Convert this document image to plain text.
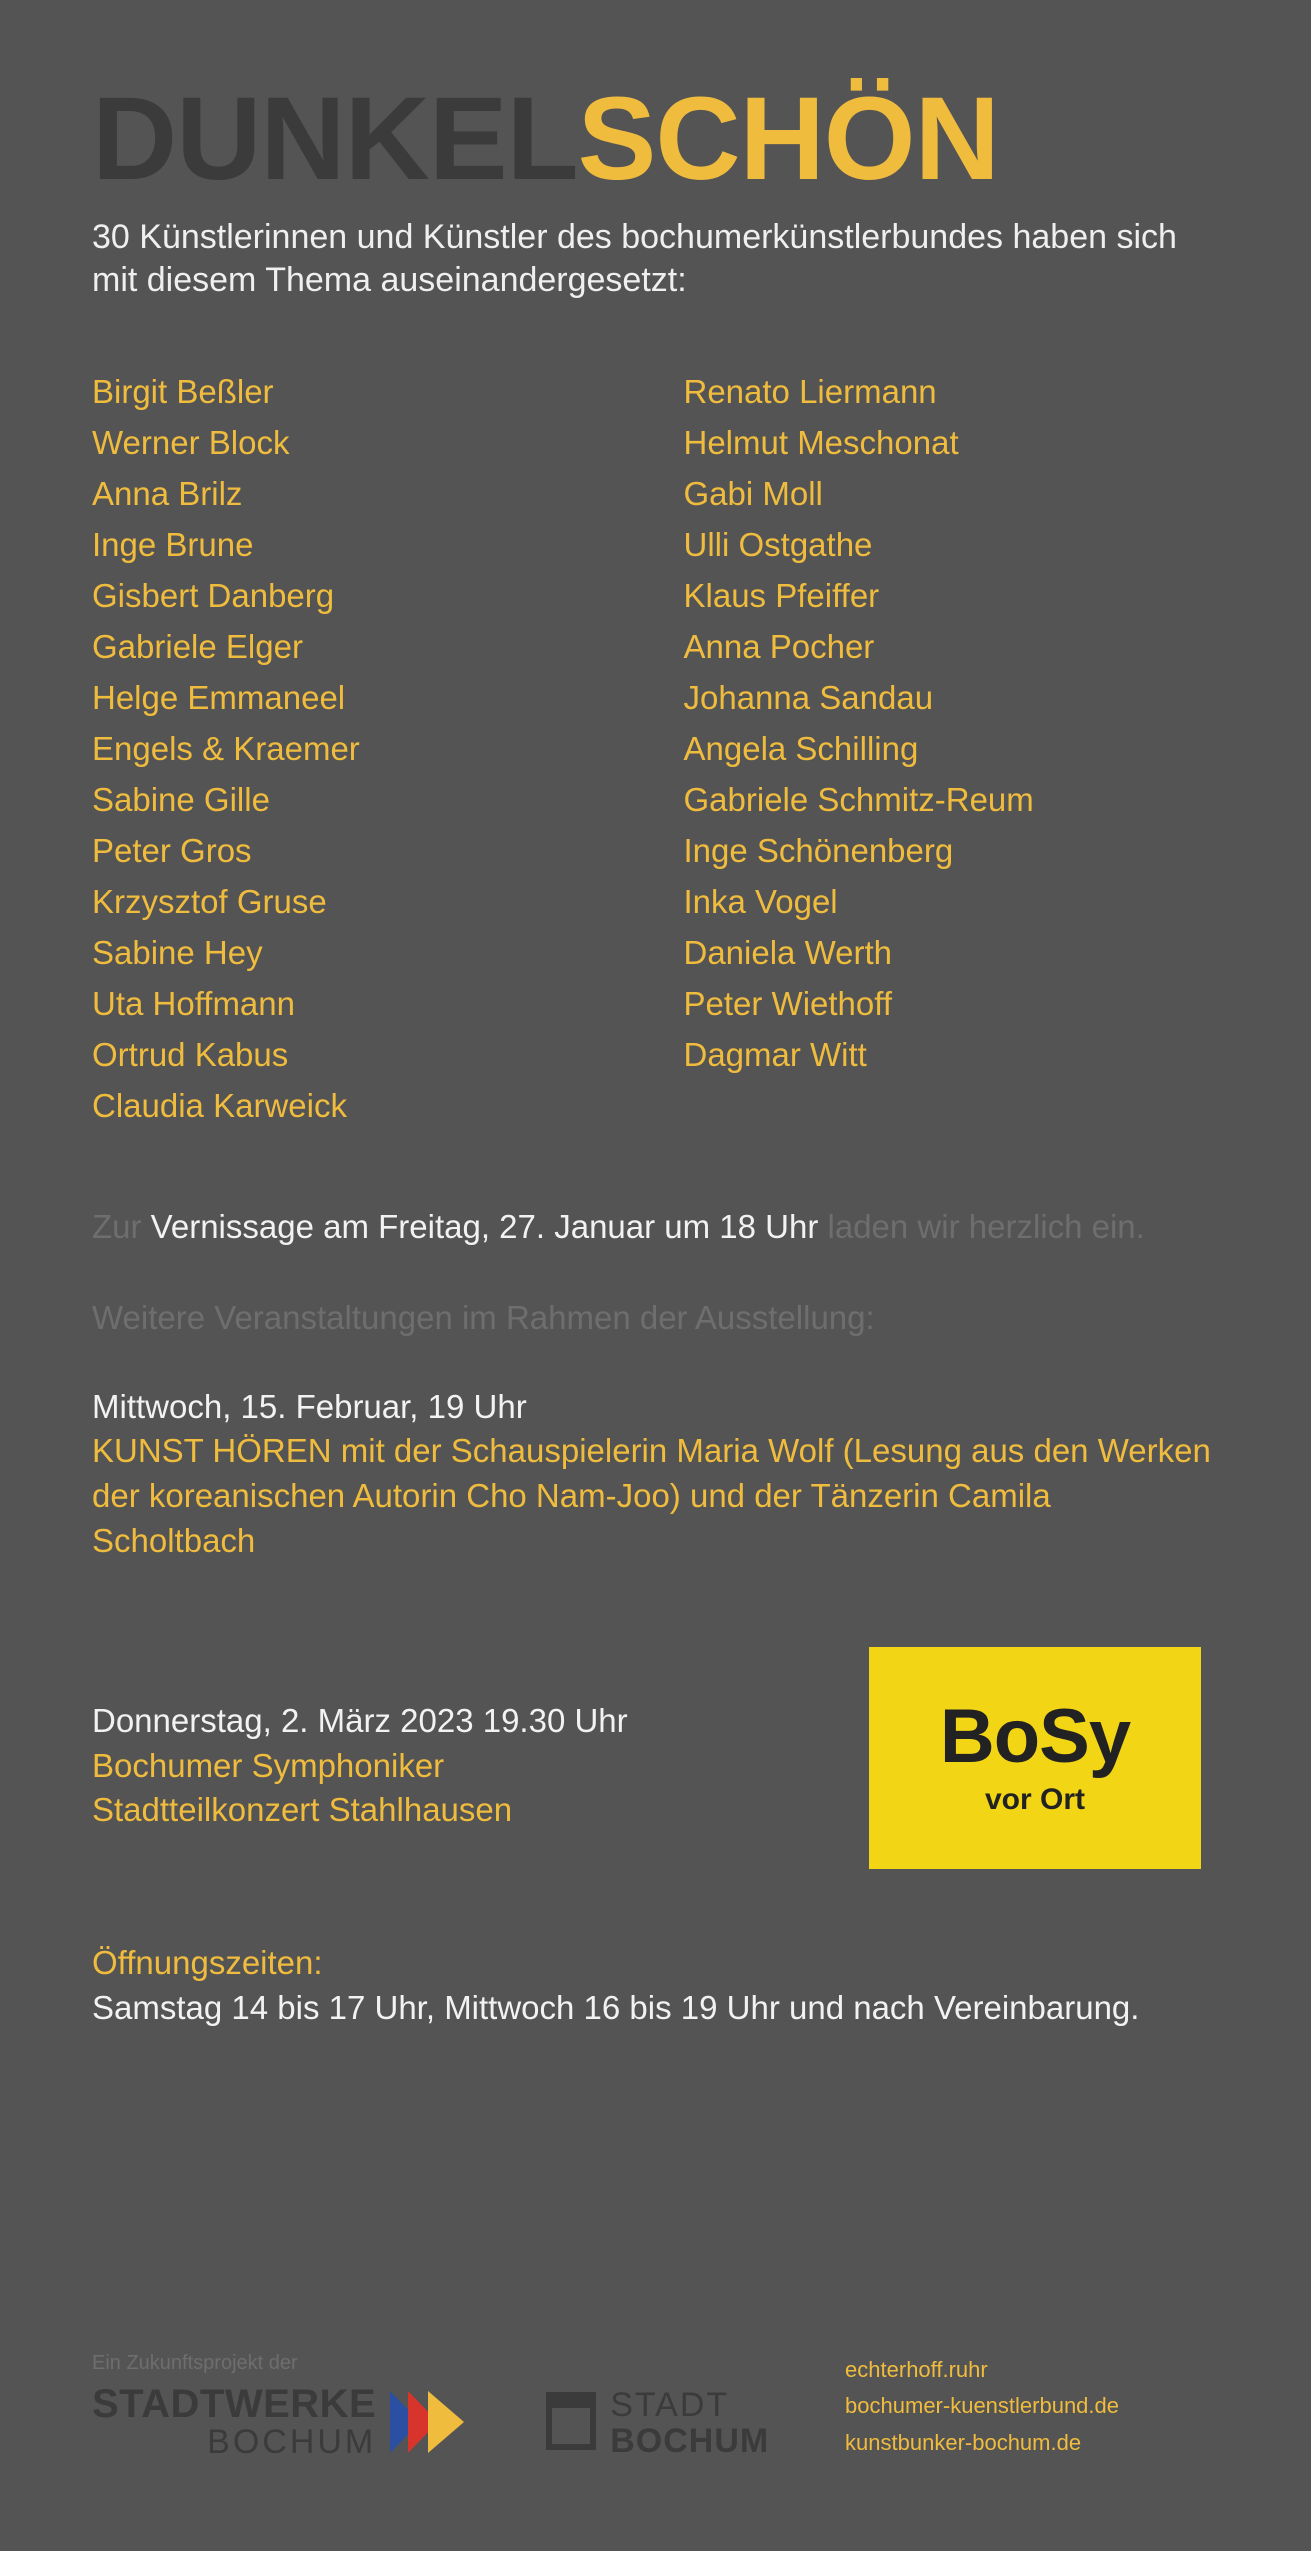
DUNKELSCHÖN
30 Künstlerinnen und Künstler des bochumerkünstlerbundes haben sich mit diesem Thema auseinandergesetzt:
Birgit Beßler
Werner Block
Anna Brilz
Inge Brune
Gisbert Danberg
Gabriele Elger
Helge Emmaneel
Engels & Kraemer
Sabine Gille
Peter Gros
Krzysztof Gruse
Sabine Hey
Uta Hoffmann
Ortrud Kabus
Claudia Karweick
Renato Liermann
Helmut Meschonat
Gabi Moll
Ulli Ostgathe
Klaus Pfeiffer
Anna Pocher
Johanna Sandau
Angela Schilling
Gabriele Schmitz-Reum
Inge Schönenberg
Inka Vogel
Daniela Werth
Peter Wiethoff
Dagmar Witt
Zur Vernissage am Freitag, 27. Januar um 18 Uhr laden wir herzlich ein.
Weitere Veranstaltungen im Rahmen der Ausstellung:
Mittwoch, 15. Februar, 19 Uhr
KUNST HÖREN mit der Schauspielerin Maria Wolf (Lesung aus den Werken der koreanischen Autorin Cho Nam-Joo) und der Tänzerin Camila Scholtbach
Donnerstag, 2. März 2023 19.30 Uhr
Bochumer Symphoniker
Stadtteilkonzert Stahlhausen
BoSy
vor Ort
Öffnungszeiten:
Samstag 14 bis 17 Uhr, Mittwoch 16 bis 19 Uhr und nach Vereinbarung.
Ein Zukunftsprojekt der
STADTWERKE
BOCHUM
STADT
BOCHUM
echterhoff.ruhr
bochumer-kuenstlerbund.de
kunstbunker-bochum.de
